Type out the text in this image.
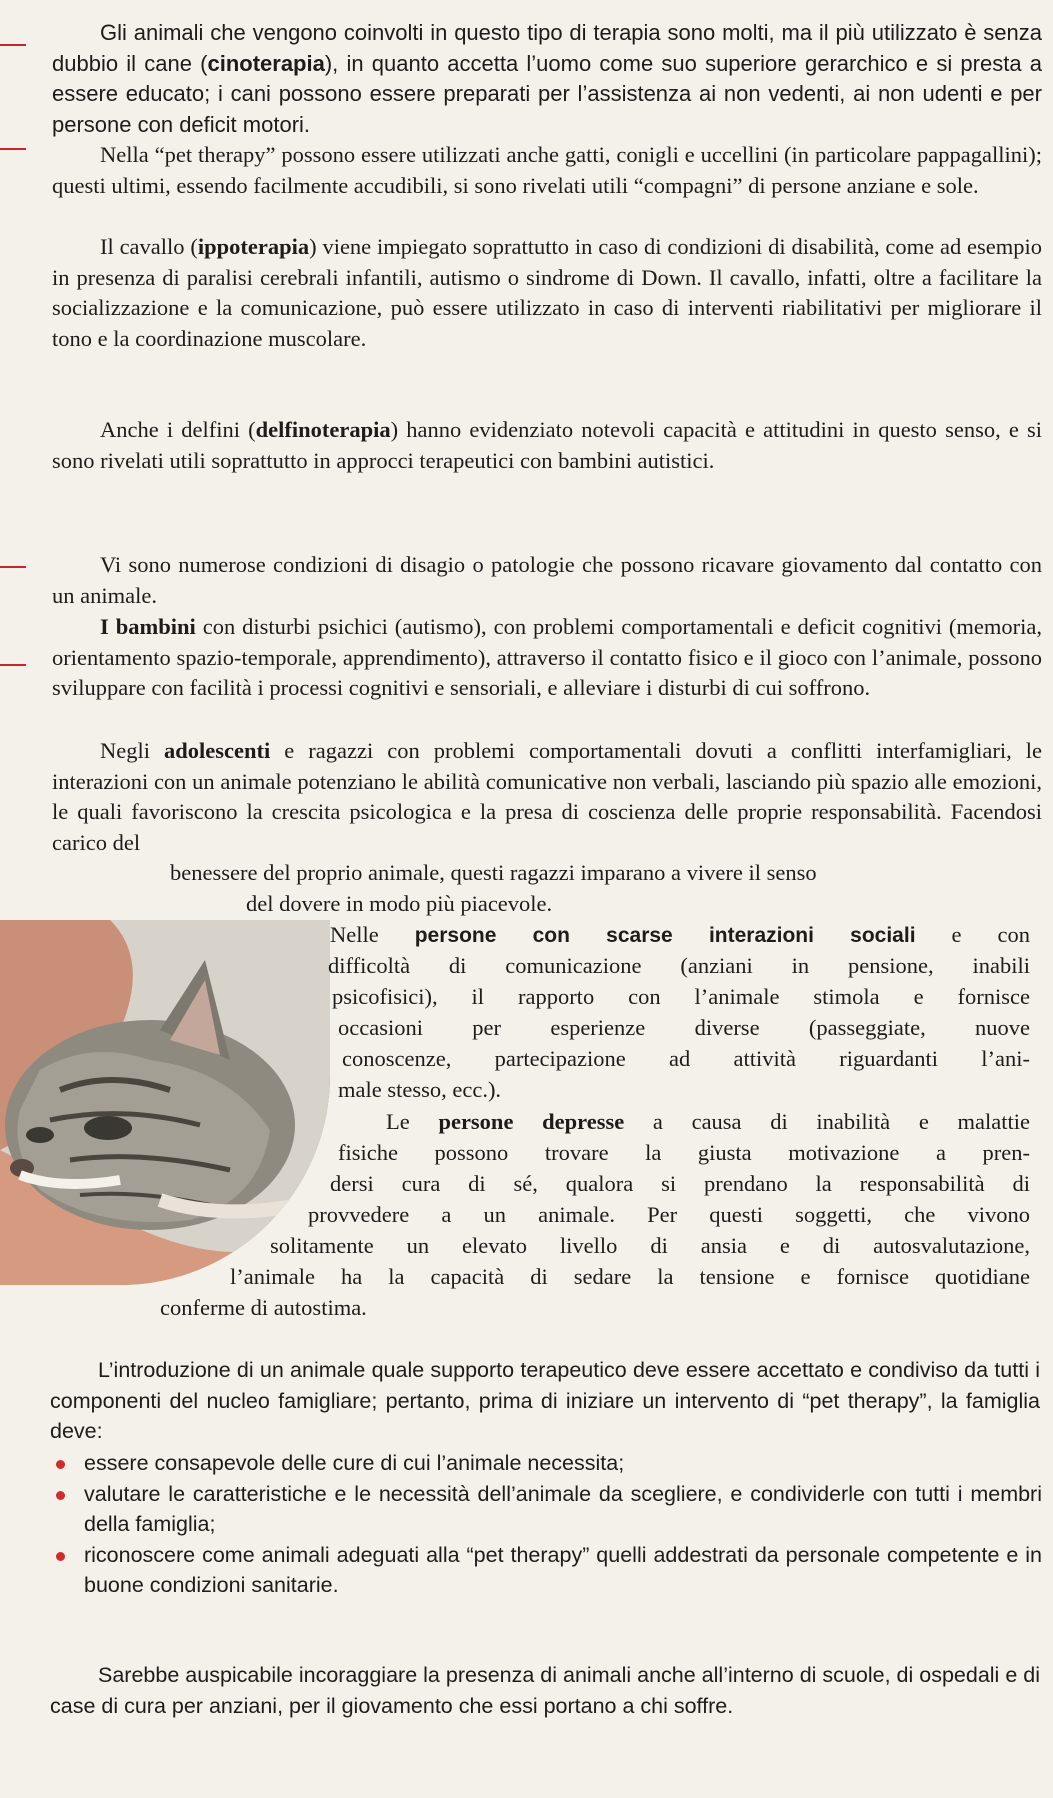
Gli animali che vengono coinvolti in questo tipo di terapia sono molti, ma il più utilizzato è senza dubbio il cane (cinoterapia), in quanto accetta l’uomo come suo superiore gerarchico e si presta a essere educato; i cani possono essere preparati per l’assistenza ai non vedenti, ai non udenti e per persone con deficit motori.

Nella “pet therapy” possono essere utilizzati anche gatti, conigli e uccellini (in particolare pappagallini); questi ultimi, essendo facilmente accudibili, si sono rivelati utili “compagni” di persone anziane e sole.

Il cavallo (ippoterapia) viene impiegato soprattutto in caso di condizioni di disabilità, come ad esempio in presenza di paralisi cerebrali infantili, autismo o sindrome di Down. Il cavallo, infatti, oltre a facilitare la socializzazione e la comunicazione, può essere utilizzato in caso di interventi riabilitativi per migliorare il tono e la coordinazione muscolare.

Anche i delfini (delfinoterapia) hanno evidenziato notevoli capacità e attitudini in questo senso, e si sono rivelati utili soprattutto in approcci terapeutici con bambini autistici.

Vi sono numerose condizioni di disagio o patologie che possono ricavare giovamento dal contatto con un animale.

I bambini con disturbi psichici (autismo), con problemi comportamentali e deficit cognitivi (memoria, orientamento spazio-temporale, apprendimento), attraverso il contatto fisico e il gioco con l’animale, possono sviluppare con facilità i processi cognitivi e sensoriali, e alleviare i disturbi di cui soffrono.

Negli adolescenti e ragazzi con problemi comportamentali dovuti a conflitti interfamigliari, le interazioni con un animale potenziano le abilità comunicative non verbali, lasciando più spazio alle emozioni, le quali favoriscono la crescita psicologica e la presa di coscienza delle proprie responsabilità. Facendosi carico del

benessere del proprio animale, questi ragazzi imparano a vivere il senso

del dovere in modo più piacevole.

Nelle persone con scarse interazioni sociali e con

difficoltà di comunicazione (anziani in pensione, inabili

psicofisici), il rapporto con l’animale stimola e fornisce

occasioni per esperienze diverse (passeggiate, nuove

conoscenze, partecipazione ad attività riguardanti l’ani-

male stesso, ecc.).

Le persone depresse a causa di inabilità e malattie

fisiche possono trovare la giusta motivazione a pren-

dersi cura di sé, qualora si prendano la responsabilità di

provvedere a un animale. Per questi soggetti, che vivono

solitamente un elevato livello di ansia e di autosvalutazione,

l’animale ha la capacità di sedare la tensione e fornisce quotidiane

conferme di autostima.

L’introduzione di un animale quale supporto terapeutico deve essere accettato e condiviso da tutti i componenti del nucleo famigliare; pertanto, prima di iniziare un intervento di “pet therapy”, la famiglia deve:

essere consapevole delle cure di cui l’animale necessita;
valutare le caratteristiche e le necessità dell’animale da scegliere, e condividerle con tutti i membri della famiglia;
riconoscere come animali adeguati alla “pet therapy” quelli addestrati da personale competente e in buone condizioni sanitarie.

Sarebbe auspicabile incoraggiare la presenza di animali anche all’interno di scuole, di ospedali e di case di cura per anziani, per il giovamento che essi portano a chi soffre.
